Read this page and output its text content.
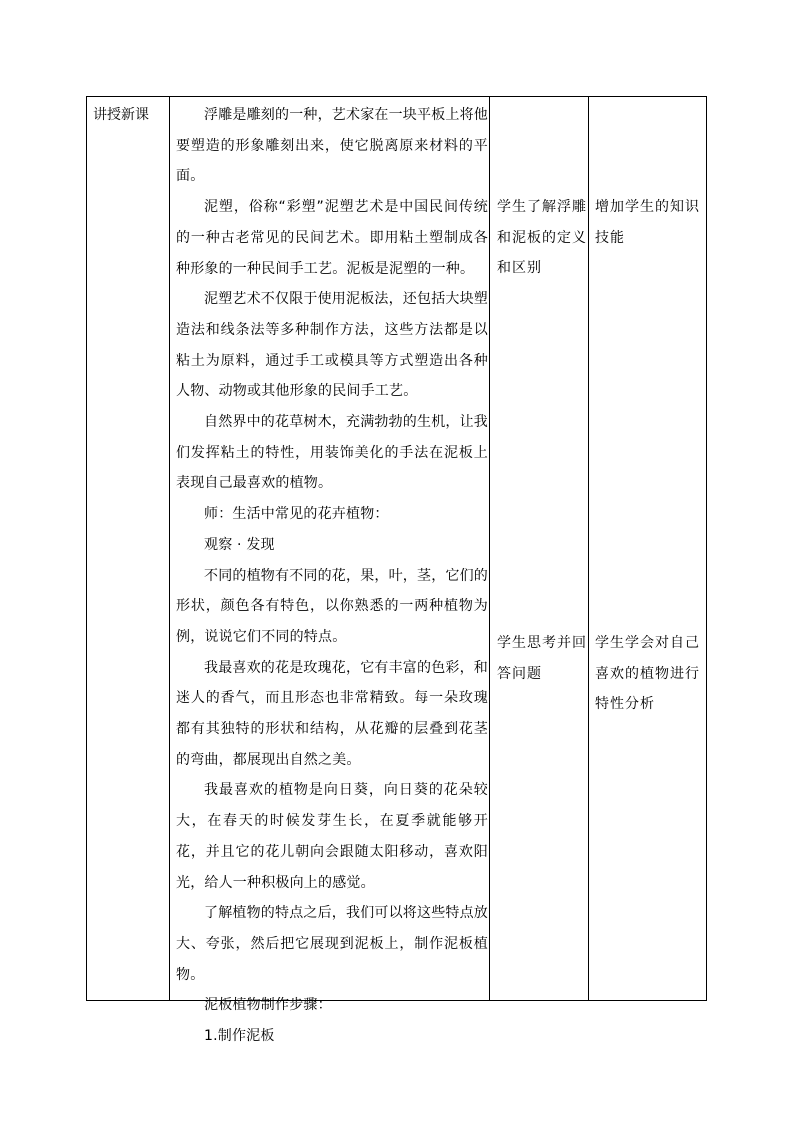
讲授新课	浮雕是雕刻的一种，艺术家在一块平板上将他要塑造的形象雕刻出来，使它脱离原来材料的平面。

泥塑，俗称“彩塑”泥塑艺术是中国民间传统的一种古老常见的民间艺术。即用粘土塑制成各种形象的一种民间手工艺。泥板是泥塑的一种。

泥塑艺术不仅限于使用泥板法，还包括大块塑造法和线条法等多种制作方法，这些方法都是以粘土为原料，通过手工或模具等方式塑造出各种人物、动物或其他形象的民间手工艺。

自然界中的花草树木，充满勃勃的生机，让我们发挥粘土的特性，用装饰美化的手法在泥板上表现自己最喜欢的植物。

师：生活中常见的花卉植物：

观察 · 发现

不同的植物有不同的花，果，叶，茎，它们的形状，颜色各有特色，以你熟悉的一两种植物为例，说说它们不同的特点。

我最喜欢的花是玫瑰花，它有丰富的色彩，和迷人的香气，而且形态也非常精致。每一朵玫瑰都有其独特的形状和结构，从花瓣的层叠到花茎的弯曲，都展现出自然之美。

我最喜欢的植物是向日葵，向日葵的花朵较大，在春天的时候发芽生长，在夏季就能够开花，并且它的花儿朝向会跟随太阳移动，喜欢阳光，给人一种积极向上的感觉。

了解植物的特点之后，我们可以将这些特点放大、夸张，然后把它展现到泥板上，制作泥板植物。

泥板植物制作步骤：

1.制作泥板

学生了解浮雕和泥板的定义和区别
增加学生的知识技能
学生思考并回答问题
学生学会对自己喜欢的植物进行特性分析
